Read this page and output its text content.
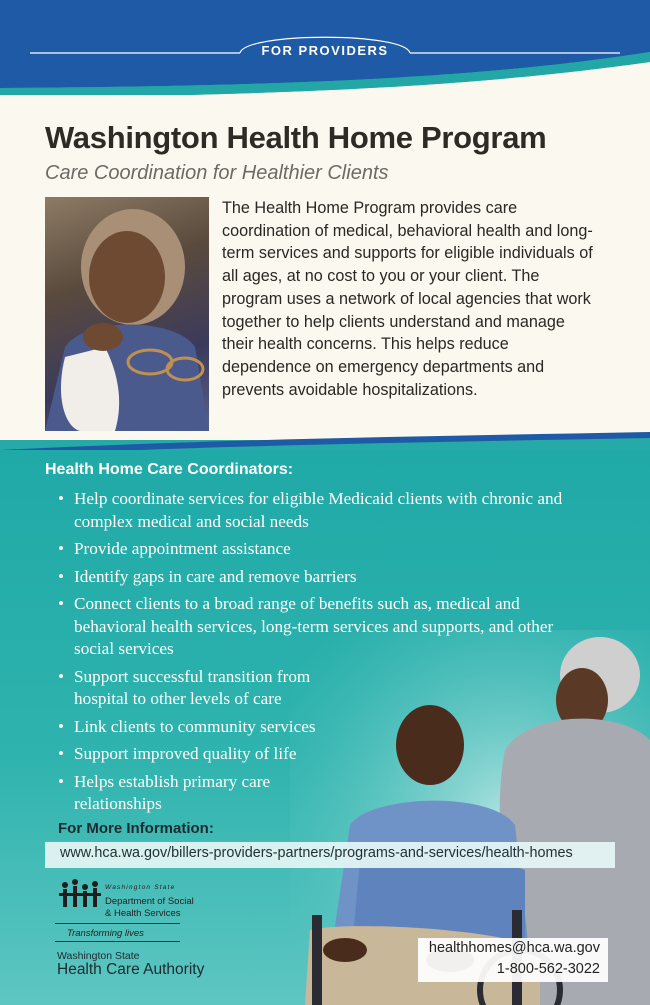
FOR PROVIDERS
Washington Health Home Program
Care Coordination for Healthier Clients
The Health Home Program provides care coordination of medical, behavioral health and long-term services and supports for eligible individuals of all ages, at no cost to you or your client. The program uses a network of local agencies that work together to help clients understand and manage their health concerns. This helps reduce dependence on emergency departments and prevents avoidable hospitalizations.
Health Home Care Coordinators:
• Help coordinate services for eligible Medicaid clients with chronic and complex medical and social needs
• Provide appointment assistance
• Identify gaps in care and remove barriers
• Connect clients to a broad range of benefits such as, medical and behavioral health services, long-term services and supports, and other social services
• Support successful transition from hospital to other levels of care
• Link clients to community services
• Support improved quality of life
• Helps establish primary care relationships
For More Information:
www.hca.wa.gov/billers-providers-partners/programs-and-services/health-homes
Washington State
Department of Social
& Health Services
Transforming lives
Washington State
Health Care Authority
healthhomes@hca.wa.gov
1-800-562-3022
